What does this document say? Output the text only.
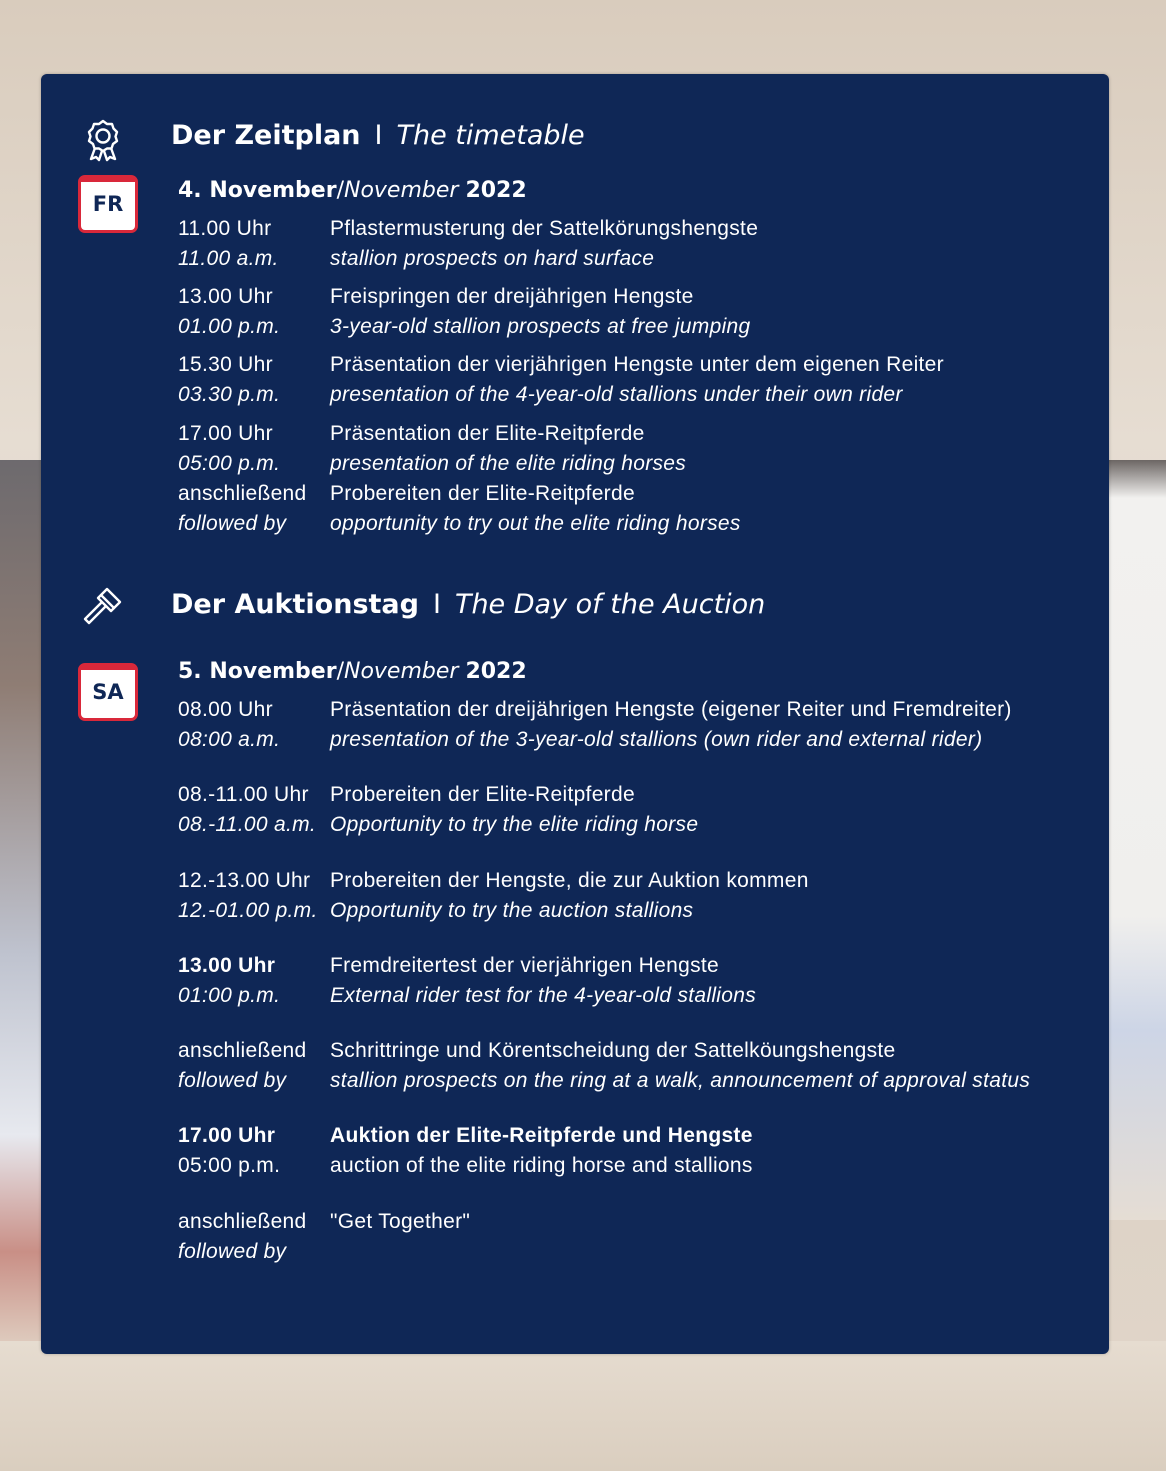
Der Zeitplan I The timetable
FR
4. November/November 2022
11.00 Uhr
11.00 a.m.
Pflastermusterung der Sattelkörungshengste
stallion prospects on hard surface
13.00 Uhr
01.00 p.m.
Freispringen der dreijährigen Hengste
3-year-old stallion prospects at free jumping
15.30 Uhr
03.30 p.m.
Präsentation der vierjährigen Hengste unter dem eigenen Reiter
presentation of the 4-year-old stallions under their own rider
17.00 Uhr
05:00 p.m.
Präsentation der Elite-Reitpferde
presentation of the elite riding horses
anschließend
followed by
Probereiten der Elite-Reitpferde
opportunity to try out the elite riding horses
Der Auktionstag I The Day of the Auction
SA
5. November/November 2022
08.00 Uhr
08:00 a.m.
Präsentation der dreijährigen Hengste (eigener Reiter und Fremdreiter)
presentation of the 3-year-old stallions (own rider and external rider)
08.-11.00 Uhr
08.-11.00 a.m.
Probereiten der Elite-Reitpferde
Opportunity to try the elite riding horse
12.-13.00 Uhr
12.-01.00 p.m.
Probereiten der Hengste, die zur Auktion kommen
Opportunity to try the auction stallions
13.00 Uhr
01:00 p.m.
Fremdreitertest der vierjährigen Hengste
External rider test for the 4-year-old stallions
anschließend
followed by
Schrittringe und Körentscheidung der Sattelköungshengste
stallion prospects on the ring at a walk, announcement of approval status
17.00 Uhr
05:00 p.m.
Auktion der Elite-Reitpferde und Hengste
auction of the elite riding horse and stallions
anschließend
followed by
"Get Together"
